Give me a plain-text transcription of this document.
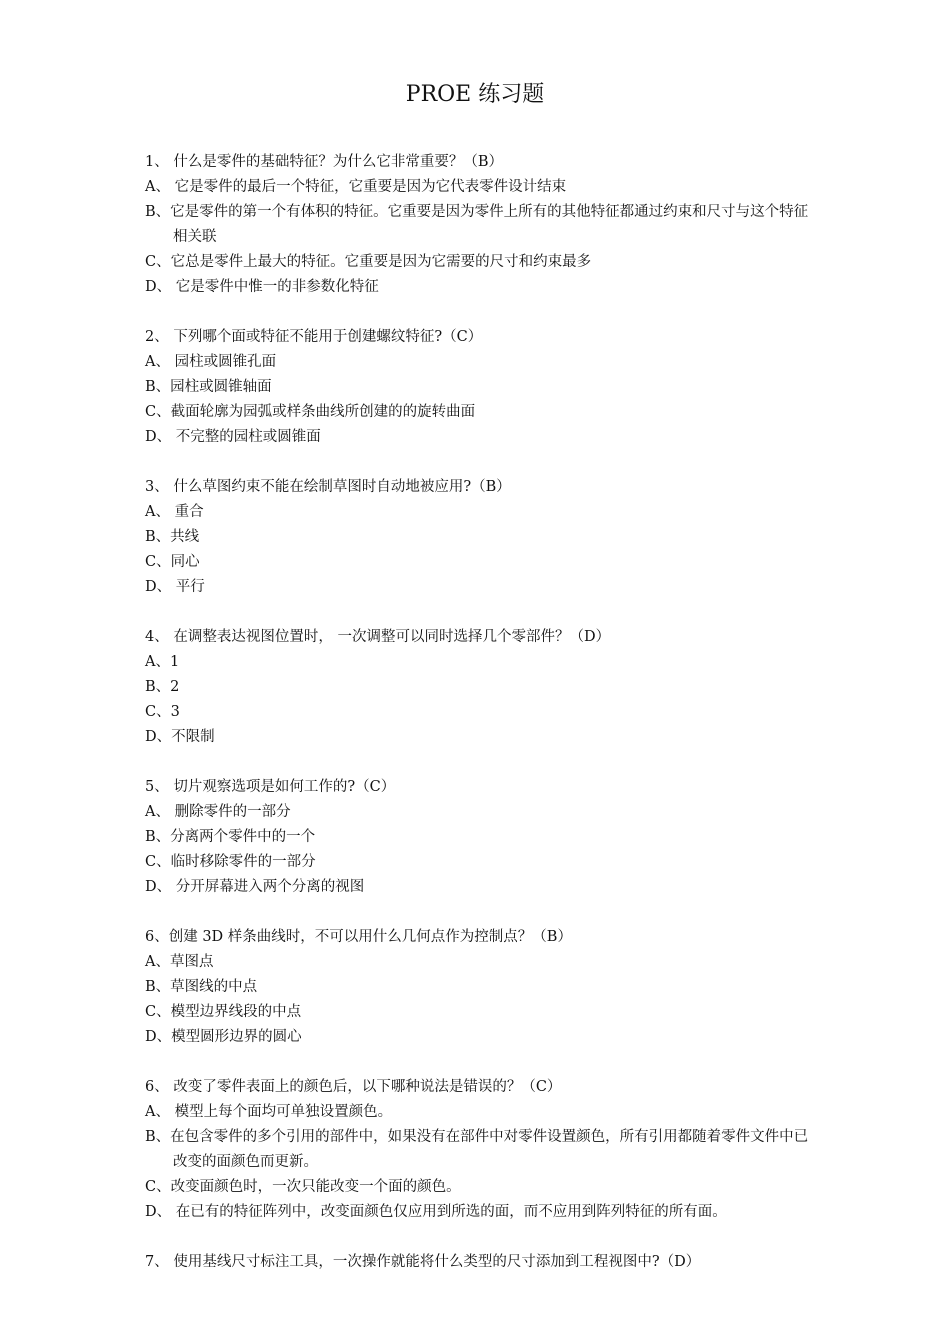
PROE 练习题
1、 什么是零件的基础特征？为什么它非常重要？（B）
A、 它是零件的最后一个特征，它重要是因为它代表零件设计结束
B、它是零件的第一个有体积的特征。它重要是因为零件上所有的其他特征都通过约束和尺寸与这个特征相关联
C、它总是零件上最大的特征。它重要是因为它需要的尺寸和约束最多
D、 它是零件中惟一的非参数化特征
2、 下列哪个面或特征不能用于创建螺纹特征?（C）
A、 园柱或圆锥孔面
B、园柱或圆锥轴面
C、截面轮廓为园弧或样条曲线所创建的的旋转曲面
D、 不完整的园柱或圆锥面
3、 什么草图约束不能在绘制草图时自动地被应用?（B）
A、 重合
B、共线
C、同心
D、 平行
4、 在调整表达视图位置时， 一次调整可以同时选择几个零部件？（D）
A、1
B、2
C、3
D、不限制
5、 切片观察选项是如何工作的?（C）
A、 删除零件的一部分
B、分离两个零件中的一个
C、临时移除零件的一部分
D、 分开屏幕进入两个分离的视图
6、创建 3D 样条曲线时，不可以用什么几何点作为控制点？（B）
A、草图点
B、草图线的中点
C、模型边界线段的中点
D、模型圆形边界的圆心
6、 改变了零件表面上的颜色后，以下哪种说法是错误的？（C）
A、 模型上每个面均可单独设置颜色。
B、在包含零件的多个引用的部件中，如果没有在部件中对零件设置颜色，所有引用都随着零件文件中已改变的面颜色而更新。
C、改变面颜色时，一次只能改变一个面的颜色。
D、 在已有的特征阵列中，改变面颜色仅应用到所选的面，而不应用到阵列特征的所有面。
7、 使用基线尺寸标注工具，一次操作就能将什么类型的尺寸添加到工程视图中?（D）
